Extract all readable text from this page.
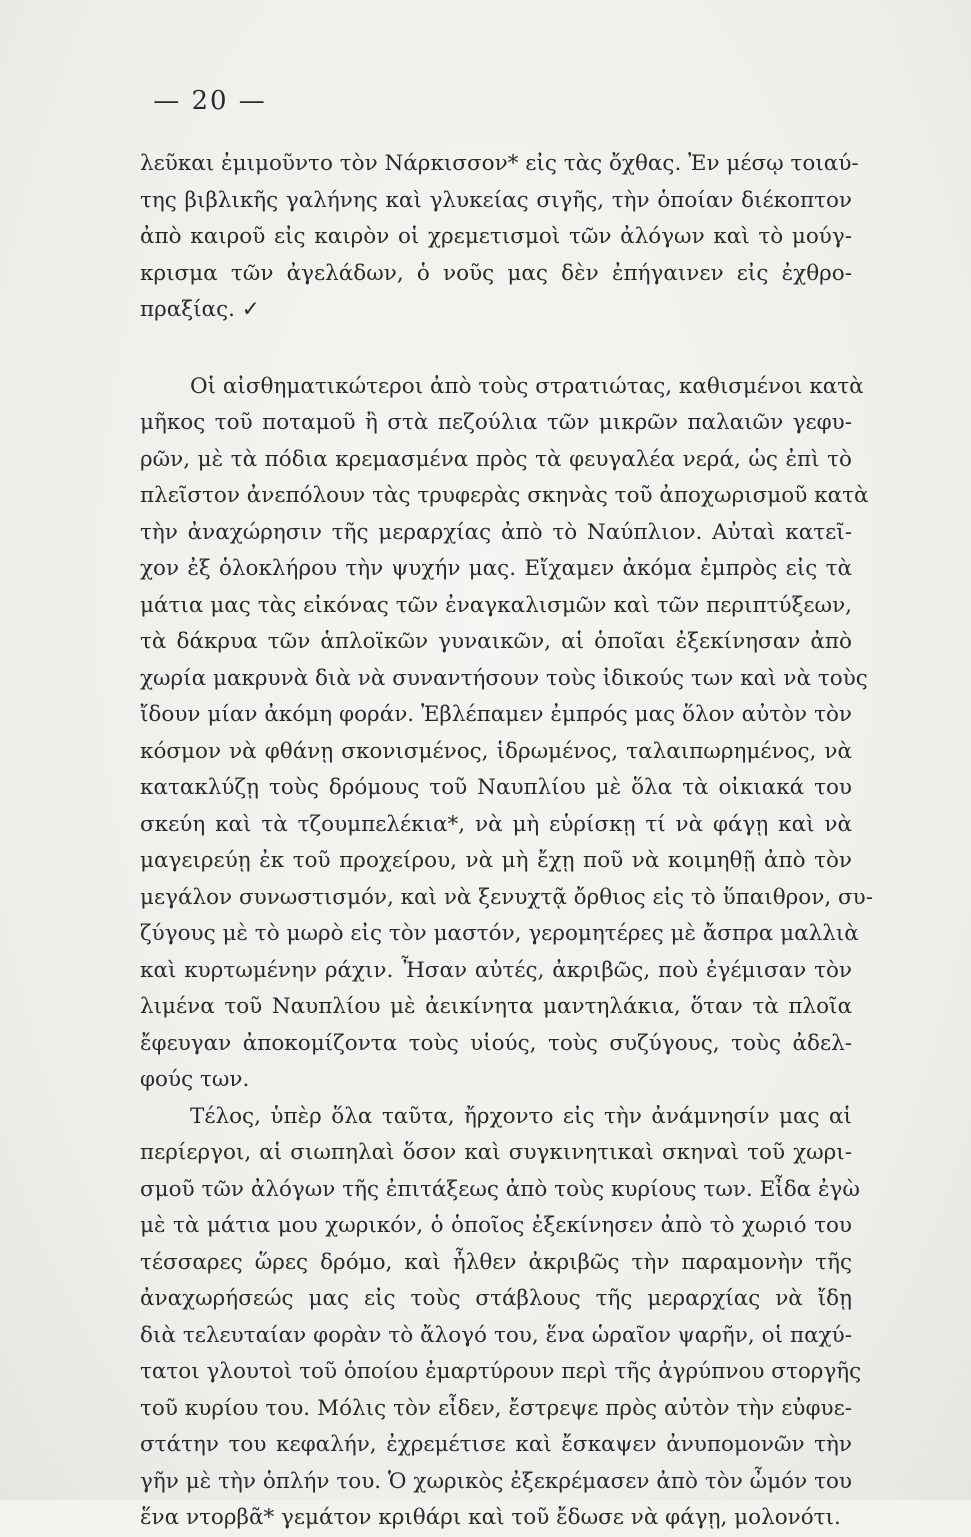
— 20 —
λεῦκαι ἐμιμοῦντο τὸν Νάρκισσον* εἰς τὰς ὄχθας. Ἐν μέσῳ τοιαύ-
της βιβλικῆς γαλήνης καὶ γλυκείας σιγῆς, τὴν ὁποίαν διέκοπτον
ἀπὸ καιροῦ εἰς καιρὸν οἱ χρεμετισμοὶ τῶν ἀλόγων καὶ τὸ μούγ-
κρισμα τῶν ἀγελάδων, ὁ νοῦς μας δὲν ἐπήγαινεν εἰς ἐχθρο-
πραξίας. ✓
Οἱ αἰσθηματικώτεροι ἀπὸ τοὺς στρατιώτας, καθισμένοι κατὰ
μῆκος τοῦ ποταμοῦ ἢ στὰ πεζούλια τῶν μικρῶν παλαιῶν γεφυ-
ρῶν, μὲ τὰ πόδια κρεμασμένα πρὸς τὰ φευγαλέα νερά, ὡς ἐπὶ τὸ
πλεῖστον ἀνεπόλουν τὰς τρυφερὰς σκηνὰς τοῦ ἀποχωρισμοῦ κατὰ
τὴν ἀναχώρησιν τῆς μεραρχίας ἀπὸ τὸ Ναύπλιον. Αὐταὶ κατεῖ-
χον ἐξ ὁλοκλήρου τὴν ψυχήν μας. Εἴχαμεν ἀκόμα ἐμπρὸς εἰς τὰ
μάτια μας τὰς εἰκόνας τῶν ἐναγκαλισμῶν καὶ τῶν περιπτύξεων,
τὰ δάκρυα τῶν ἁπλοϊκῶν γυναικῶν, αἱ ὁποῖαι ἐξεκίνησαν ἀπὸ
χωρία μακρυνὰ διὰ νὰ συναντήσουν τοὺς ἰδικούς των καὶ νὰ τοὺς
ἴδουν μίαν ἀκόμη φοράν. Ἐβλέπαμεν ἐμπρός μας ὅλον αὐτὸν τὸν
κόσμον νὰ φθάνῃ σκονισμένος, ἱδρωμένος, ταλαιπωρημένος, νὰ
κατακλύζῃ τοὺς δρόμους τοῦ Ναυπλίου μὲ ὅλα τὰ οἰκιακά του
σκεύη καὶ τὰ τζουμπελέκια*, νὰ μὴ εὑρίσκῃ τί νὰ φάγῃ καὶ νὰ
μαγειρεύῃ ἐκ τοῦ προχείρου, νὰ μὴ ἔχῃ ποῦ νὰ κοιμηθῇ ἀπὸ τὸν
μεγάλον συνωστισμόν, καὶ νὰ ξενυχτᾷ ὄρθιος εἰς τὸ ὕπαιθρον, συ-
ζύγους μὲ τὸ μωρὸ εἰς τὸν μαστόν, γερομητέρες μὲ ἄσπρα μαλλιὰ
καὶ κυρτωμένην ράχιν. Ἦσαν αὐτές, ἀκριβῶς, ποὺ ἐγέμισαν τὸν
λιμένα τοῦ Ναυπλίου μὲ ἀεικίνητα μαντηλάκια, ὅταν τὰ πλοῖα
ἔφευγαν ἀποκομίζοντα τοὺς υἱούς, τοὺς συζύγους, τοὺς ἀδελ-
φούς των.
Τέλος, ὑπὲρ ὅλα ταῦτα, ἤρχοντο εἰς τὴν ἀνάμνησίν μας αἱ
περίεργοι, αἱ σιωπηλαὶ ὅσον καὶ συγκινητικαὶ σκηναὶ τοῦ χωρι-
σμοῦ τῶν ἀλόγων τῆς ἐπιτάξεως ἀπὸ τοὺς κυρίους των. Εἶδα ἐγὼ
μὲ τὰ μάτια μου χωρικόν, ὁ ὁποῖος ἐξεκίνησεν ἀπὸ τὸ χωριό του
τέσσαρες ὥρες δρόμο, καὶ ἦλθεν ἀκριβῶς τὴν παραμονὴν τῆς
ἀναχωρήσεώς μας εἰς τοὺς στάβλους τῆς μεραρχίας νὰ ἴδῃ
διὰ τελευταίαν φορὰν τὸ ἄλογό του, ἕνα ὡραῖον ψαρῆν, οἱ παχύ-
τατοι γλουτοὶ τοῦ ὁποίου ἐμαρτύρουν περὶ τῆς ἀγρύπνου στοργῆς
τοῦ κυρίου του. Μόλις τὸν εἶδεν, ἔστρεψε πρὸς αὐτὸν τὴν εὐφυε-
στάτην του κεφαλήν, ἐχρεμέτισε καὶ ἔσκαψεν ἀνυπομονῶν τὴν
γῆν μὲ τὴν ὁπλήν του. Ὁ χωρικὸς ἐξεκρέμασεν ἀπὸ τὸν ὦμόν του
ἕνα ντορβᾶ* γεμάτον κριθάρι καὶ τοῦ ἔδωσε νὰ φάγῃ, μολονότι.
